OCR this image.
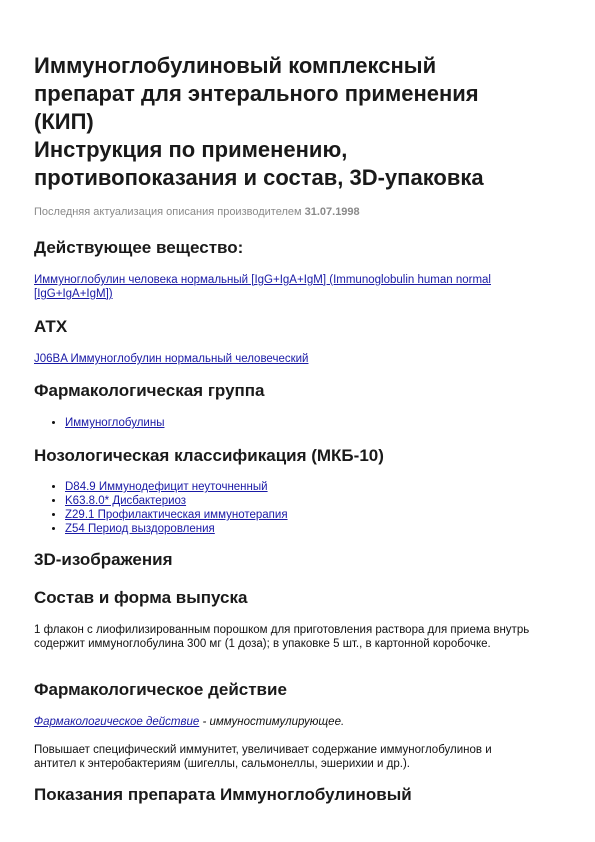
Иммуноглобулиновый комплексный
препарат для энтерального применения
(КИП)
Инструкция по применению,
противопоказания и состав, 3D-упаковка
Последняя актуализация описания производителем 31.07.1998
Действующее вещество:
Иммуноглобулин человека нормальный [IgG+IgA+IgM] (Immunoglobulin human normal [IgG+IgA+IgM])
АТХ
J06BA Иммуноглобулин нормальный человеческий
Фармакологическая группа
• Иммуноглобулины
Нозологическая классификация (МКБ-10)
• D84.9 Иммунодефицит неуточненный
• K63.8.0* Дисбактериоз
• Z29.1 Профилактическая иммунотерапия
• Z54 Период выздоровления
3D-изображения
Состав и форма выпуска

1 флакон с лиофилизированным порошком для приготовления раствора для приема внутрь содержит иммуноглобулина 300 мг (1 доза); в упаковке 5 шт., в картонной коробочке.

Фармакологическое действие

Фармакологическое действие - иммуностимулирующее.

Повышает специфический иммунитет, увеличивает содержание иммуноглобулинов и антител к энтеробактериям (шигеллы, сальмонеллы, эшерихии и др.).

Показания препарата Иммуноглобулиновый
